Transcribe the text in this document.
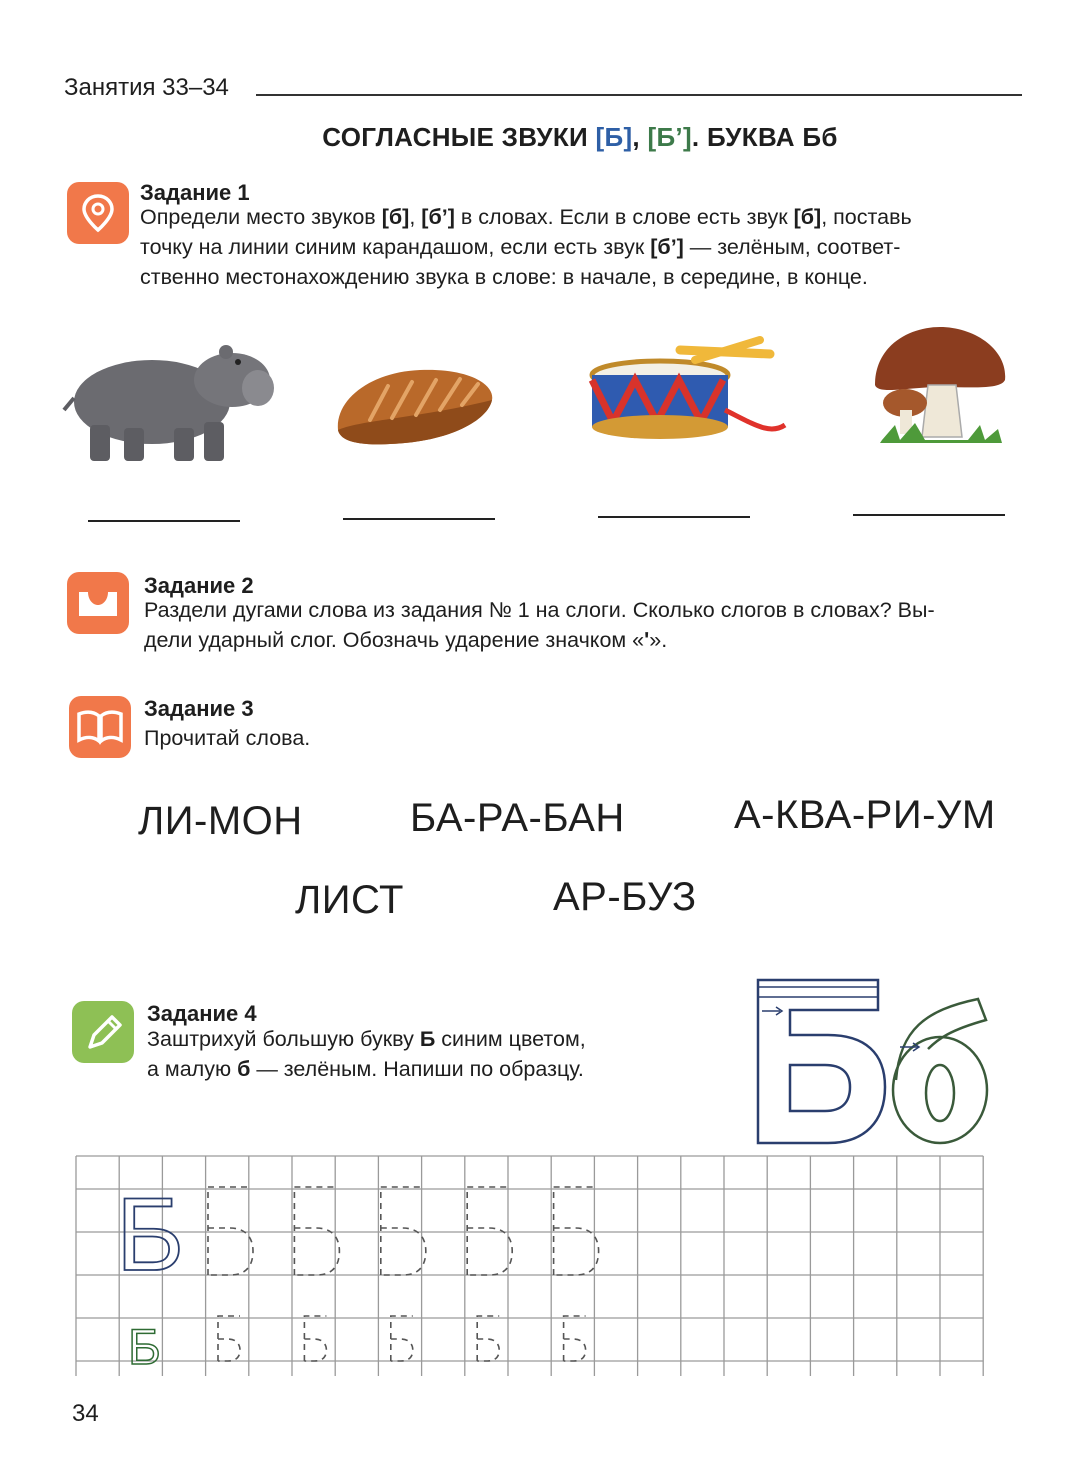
Занятия 33–34
СОГЛАСНЫЕ ЗВУКИ [Б], [Б’]. БУКВА Бб
Задание 1
Определи место звуков [б], [б’] в словах. Если в слове есть звук [б], поставь
точку на линии синим карандашом, если есть звук [б’] — зелёным, соответ-
ственно местонахождению звука в слове: в начале, в середине, в конце.
Задание 2
Раздели дугами слова из задания № 1 на слоги. Сколько слогов в словах? Вы-
дели ударный слог. Обозначь ударение значком «ʹ».
Задание 3
Прочитай слова.
ЛИ-МОН	БА-РА-БАН	А-КВА-РИ-УМ
ЛИСТ	АР-БУЗ
Задание 4
Заштрихуй большую букву Б синим цветом,
а малую б — зелёным. Напиши по образцу.
Б
Б
34
